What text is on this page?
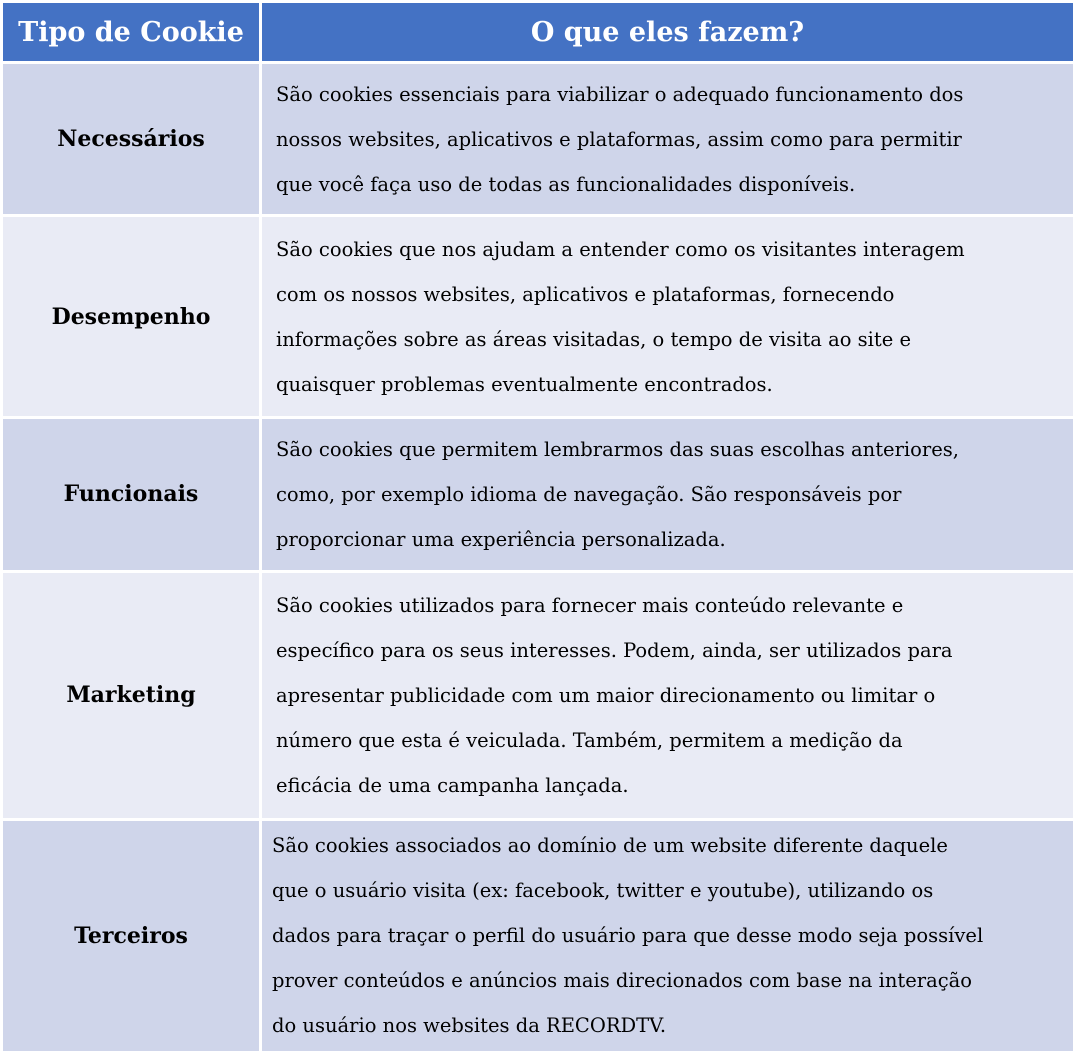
Tipo de Cookie	O que eles fazem?
Necessários	São cookies essenciais para viabilizar o adequado funcionamento dos
nossos websites, aplicativos e plataformas, assim como para permitir
que você faça uso de todas as funcionalidades disponíveis.
Desempenho	São cookies que nos ajudam a entender como os visitantes interagem
com os nossos websites, aplicativos e plataformas, fornecendo
informações sobre as áreas visitadas, o tempo de visita ao site e
quaisquer problemas eventualmente encontrados.
Funcionais	São cookies que permitem lembrarmos das suas escolhas anteriores,
como, por exemplo idioma de navegação. São responsáveis por
proporcionar uma experiência personalizada.
Marketing	São cookies utilizados para fornecer mais conteúdo relevante e
específico para os seus interesses. Podem, ainda, ser utilizados para
apresentar publicidade com um maior direcionamento ou limitar o
número que esta é veiculada. Também, permitem a medição da
eficácia de uma campanha lançada.
Terceiros	São cookies associados ao domínio de um website diferente daquele
que o usuário visita (ex: facebook, twitter e youtube), utilizando os
dados para traçar o perfil do usuário para que desse modo seja possível
prover conteúdos e anúncios mais direcionados com base na interação
do usuário nos websites da RECORDTV.
